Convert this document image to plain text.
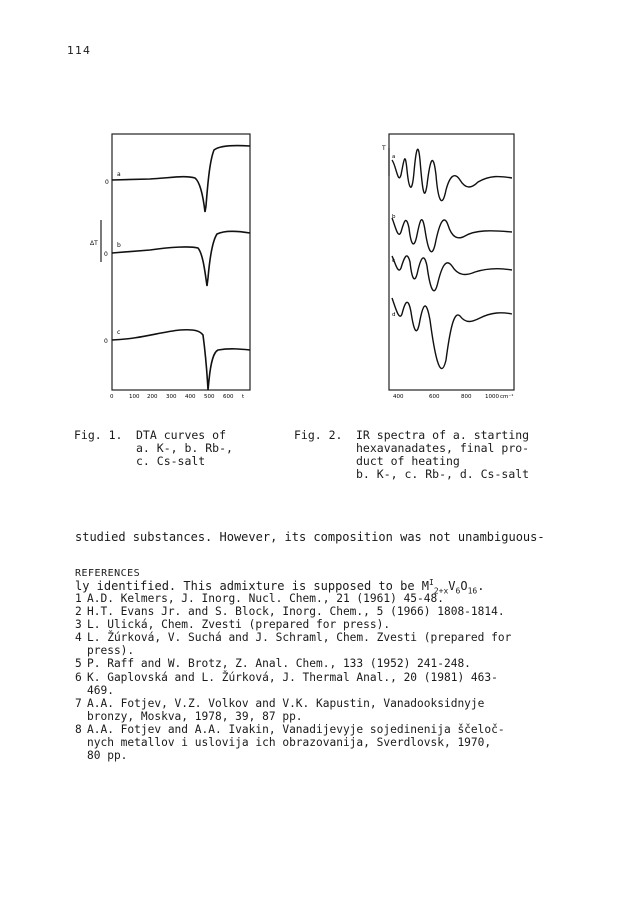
114
ΔT
0
a
0
b
0
c
0	100 200 300 400 500 600 t
T
a
b
c
d
400	600	800 1000 cm⁻¹
Fig. 1. DTA curves of
a. K-, b. Rb-,
c. Cs-salt
Fig. 2. IR spectra of a. starting
hexavanadates, final pro-
duct of heating
b. K-, c. Rb-, d. Cs-salt

studied substances. However, its composition was not unambiguous-

ly identified. This admixture is supposed to be $M^I_{2+x}V_6O_{16}$.

REFERENCES
1 A.D. Kelmers, J. Inorg. Nucl. Chem., 21 (1961) 45-48.
2 H.T. Evans Jr. and S. Block, Inorg. Chem., 5 (1966) 1808-1814.
3 L. Ulická, Chem. Zvesti (prepared for press).
4 L. Žúrková, V. Suchá and J. Schraml, Chem. Zvesti (prepared for
press).
5 P. Raff and W. Brotz, Z. Anal. Chem., 133 (1952) 241-248.
6 K. Gaplovská and L. Žúrková, J. Thermal Anal., 20 (1981) 463-
469.
7 A.A. Fotjev, V.Z. Volkov and V.K. Kapustin, Vanadooksidnyje
bronzy, Moskva, 1978, 39, 87 pp.
8 A.A. Fotjev and A.A. Ivakin, Vanadijevyje sojedinenija ščeloč-
nych metallov i uslovija ich obrazovanija, Sverdlovsk, 1970,
80 pp.
